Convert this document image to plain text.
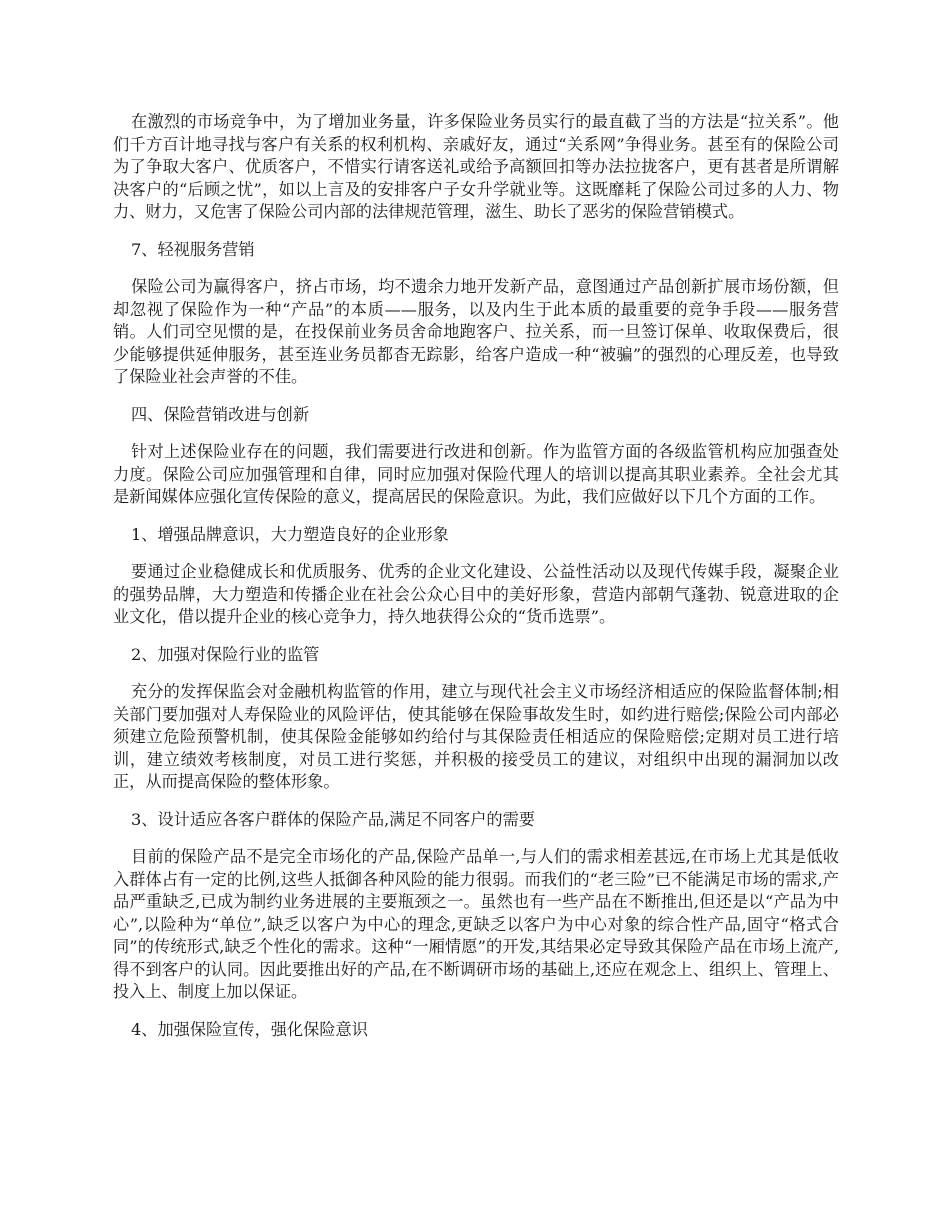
在激烈的市场竞争中，为了增加业务量，许多保险业务员实行的最直截了当的方法是“拉关系”。他们千方百计地寻找与客户有关系的权利机构、亲戚好友，通过“关系网”争得业务。甚至有的保险公司为了争取大客户、优质客户，不惜实行请客送礼或给予高额回扣等办法拉拢客户，更有甚者是所谓解决客户的“后顾之忧”，如以上言及的安排客户子女升学就业等。这既靡耗了保险公司过多的人力、物力、财力，又危害了保险公司内部的法律规范管理，滋生、助长了恶劣的保险营销模式。

7、轻视服务营销

保险公司为赢得客户，挤占市场，均不遗余力地开发新产品，意图通过产品创新扩展市场份额，但却忽视了保险作为一种“产品”的本质——服务，以及内生于此本质的最重要的竞争手段——服务营销。人们司空见惯的是，在投保前业务员舍命地跑客户、拉关系，而一旦签订保单、收取保费后，很少能够提供延伸服务，甚至连业务员都杳无踪影，给客户造成一种“被骗”的强烈的心理反差，也导致了保险业社会声誉的不佳。

四、保险营销改进与创新

针对上述保险业存在的问题，我们需要进行改进和创新。作为监管方面的各级监管机构应加强查处力度。保险公司应加强管理和自律，同时应加强对保险代理人的培训以提高其职业素养。全社会尤其是新闻媒体应强化宣传保险的意义，提高居民的保险意识。为此，我们应做好以下几个方面的工作。

1、增强品牌意识，大力塑造良好的企业形象

要通过企业稳健成长和优质服务、优秀的企业文化建设、公益性活动以及现代传媒手段，凝聚企业的强势品牌，大力塑造和传播企业在社会公众心目中的美好形象，营造内部朝气蓬勃、锐意进取的企业文化，借以提升企业的核心竞争力，持久地获得公众的“货币选票”。

2、加强对保险行业的监管

充分的发挥保监会对金融机构监管的作用，建立与现代社会主义市场经济相适应的保险监督体制;相关部门要加强对人寿保险业的风险评估，使其能够在保险事故发生时，如约进行赔偿;保险公司内部必须建立危险预警机制，使其保险金能够如约给付与其保险责任相适应的保险赔偿;定期对员工进行培训，建立绩效考核制度，对员工进行奖惩，并积极的接受员工的建议，对组织中出现的漏洞加以改正，从而提高保险的整体形象。

3、设计适应各客户群体的保险产品,满足不同客户的需要

目前的保险产品不是完全市场化的产品,保险产品单一,与人们的需求相差甚远,在市场上尤其是低收入群体占有一定的比例,这些人抵御各种风险的能力很弱。而我们的“老三险”已不能满足市场的需求,产品严重缺乏,已成为制约业务进展的主要瓶颈之一。虽然也有一些产品在不断推出,但还是以“产品为中心”,以险种为“单位”,缺乏以客户为中心的理念,更缺乏以客户为中心对象的综合性产品,固守“格式合同”的传统形式,缺乏个性化的需求。这种“一厢情愿”的开发,其结果必定导致其保险产品在市场上流产,得不到客户的认同。因此要推出好的产品,在不断调研市场的基础上,还应在观念上、组织上、管理上、投入上、制度上加以保证。

4、加强保险宣传，强化保险意识
